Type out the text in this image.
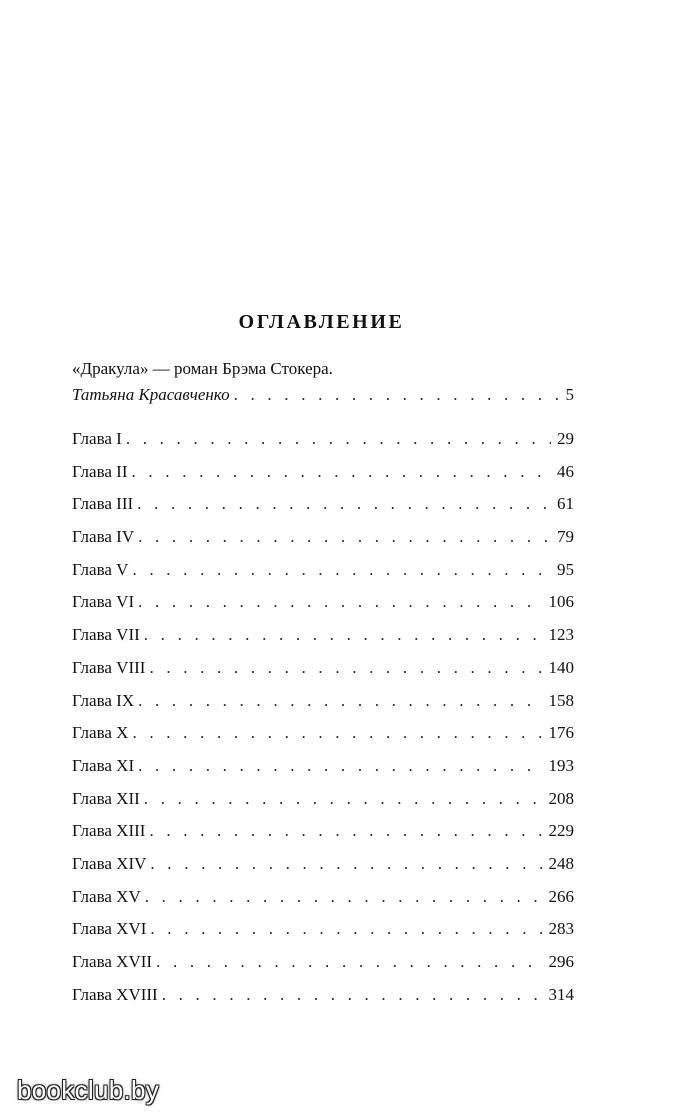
ОГЛАВЛЕНИЕ
«Дракула» — роман Брэма Стокера.
Татьяна Красавченко . . .	5
Глава I . . .	29
Глава II . . .	46
Глава III . . .	61
Глава IV . . .	79
Глава V . . .	95
Глава VI . . .	106
Глава VII . . .	123
Глава VIII . . .	140
Глава IX . . .	158
Глава X . . .	176
Глава XI . . .	193
Глава XII . . .	208
Глава XIII . . .	229
Глава XIV . . .	248
Глава XV . . .	266
Глава XVI . . .	283
Глава XVII . . .	296
Глава XVIII . . .	314
bookclub.by
